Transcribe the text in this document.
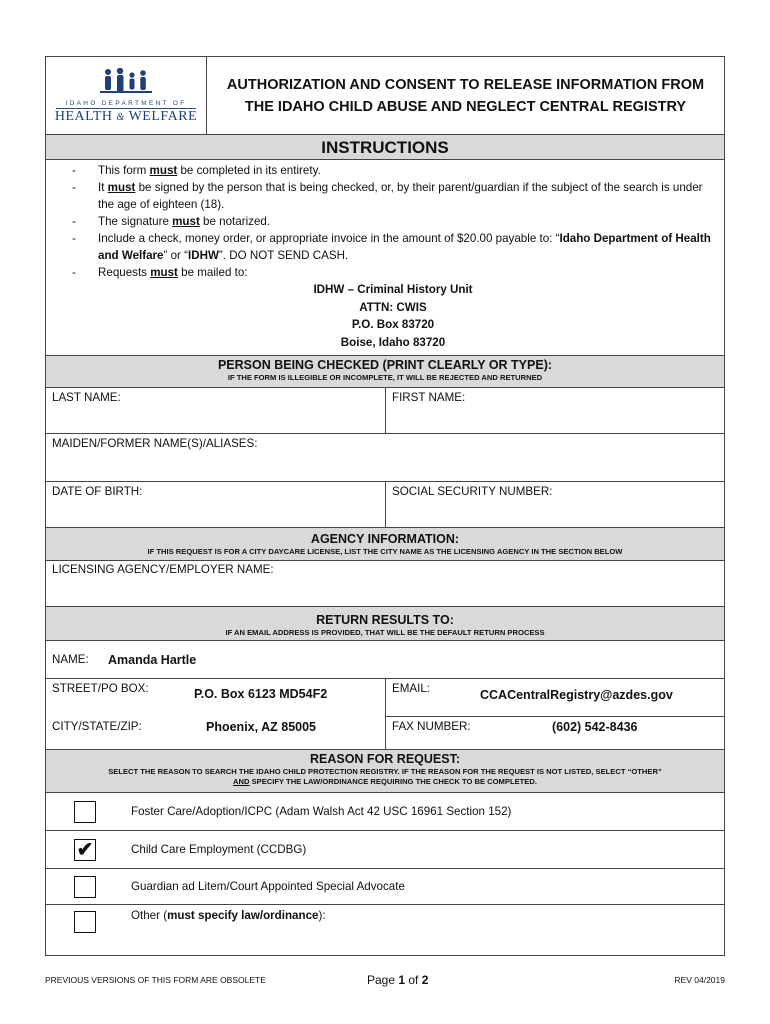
IDAHO DEPARTMENT OF
HEALTH & WELFARE
AUTHORIZATION AND CONSENT TO RELEASE INFORMATION FROM
THE IDAHO CHILD ABUSE AND NEGLECT CENTRAL REGISTRY
INSTRUCTIONS
- This form must be completed in its entirety.
- It must be signed by the person that is being checked, or, by their parent/guardian if the subject of the search is under the age of eighteen (18).
- The signature must be notarized.
- Include a check, money order, or appropriate invoice in the amount of $20.00 payable to: “Idaho Department of Health and Welfare” or “IDHW”. DO NOT SEND CASH.
- Requests must be mailed to:
IDHW – Criminal History Unit
ATTN: CWIS
P.O. Box 83720
Boise, Idaho 83720
PERSON BEING CHECKED (PRINT CLEARLY OR TYPE):
IF THE FORM IS ILLEGIBLE OR INCOMPLETE, IT WILL BE REJECTED AND RETURNED
LAST NAME:	FIRST NAME:
MAIDEN/FORMER NAME(S)/ALIASES:
DATE OF BIRTH:	SOCIAL SECURITY NUMBER:
AGENCY INFORMATION:
IF THIS REQUEST IS FOR A CITY DAYCARE LICENSE, LIST THE CITY NAME AS THE LICENSING AGENCY IN THE SECTION BELOW
LICENSING AGENCY/EMPLOYER NAME:
RETURN RESULTS TO:
IF AN EMAIL ADDRESS IS PROVIDED, THAT WILL BE THE DEFAULT RETURN PROCESS
NAME: Amanda Hartle
STREET/PO BOX:	P.O. Box 6123 MD54F2
CITY/STATE/ZIP:	Phoenix, AZ 85005
EMAIL:	CCACentralRegistry@azdes.gov
FAX NUMBER:	(602) 542-8436
REASON FOR REQUEST:
SELECT THE REASON TO SEARCH THE IDAHO CHILD PROTECTION REGISTRY. IF THE REASON FOR THE REQUEST IS NOT LISTED, SELECT “OTHER”
AND SPECIFY THE LAW/ORDINANCE REQUIRING THE CHECK TO BE COMPLETED.
Foster Care/Adoption/ICPC (Adam Walsh Act 42 USC 16961 Section 152)
✔	Child Care Employment (CCDBG)
Guardian ad Litem/Court Appointed Special Advocate
Other (must specify law/ordinance):
PREVIOUS VERSIONS OF THIS FORM ARE OBSOLETE	Page 1 of 2	REV 04/2019
